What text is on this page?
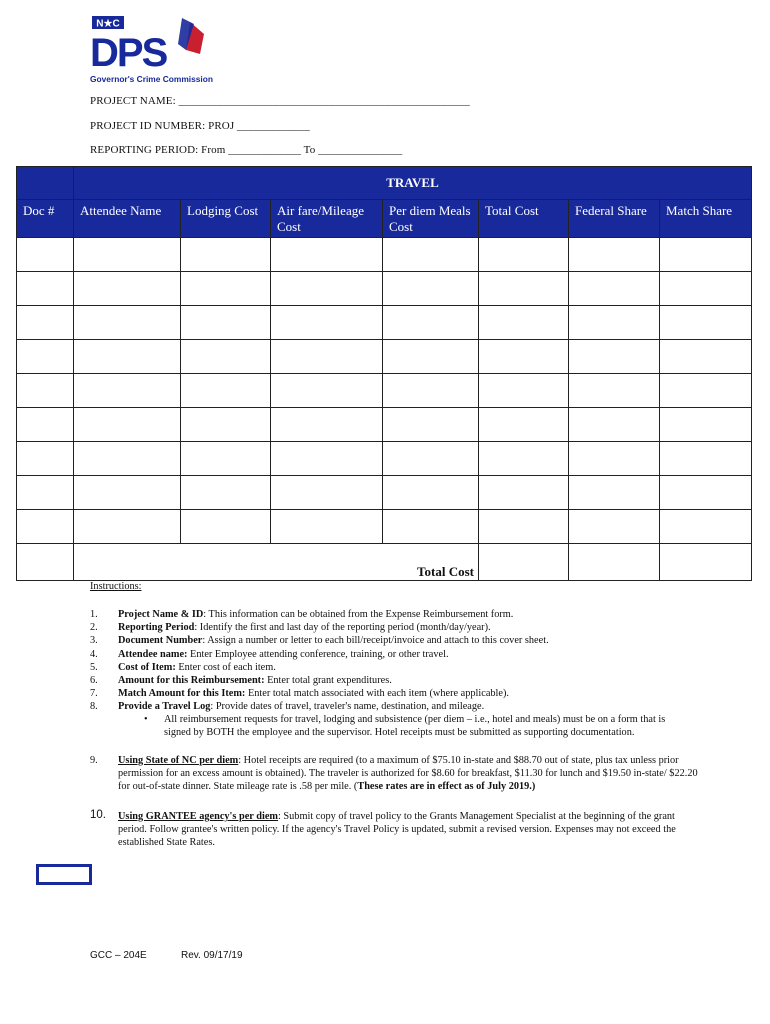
N★C
DPS
Governor's Crime Commission
PROJECT NAME: ____________________________________________________
PROJECT ID NUMBER: PROJ _____________
REPORTING PERIOD: From _____________ To _______________
	TRAVEL						
Doc #	Attendee Name	Lodging Cost	Air fare/Mileage Cost	Per diem Meals Cost	Total Cost	Federal Share	Match Share

	Total Cost						
Instructions:
1.	Project Name & ID: This information can be obtained from the Expense Reimbursement form.
2.	Reporting Period: Identify the first and last day of the reporting period (month/day/year).
3.	Document Number: Assign a number or letter to each bill/receipt/invoice and attach to this cover sheet.
4.	Attendee name: Enter Employee attending conference, training, or other travel.
5.	Cost of Item: Enter cost of each item.
6.	Amount for this Reimbursement: Enter total grant expenditures.
7.	Match Amount for this Item: Enter total match associated with each item (where applicable).
8.	Provide a Travel Log: Provide dates of travel, traveler's name, destination, and mileage.
• All reimbursement requests for travel, lodging and subsistence (per diem – i.e., hotel and meals) must be on a form that is signed by BOTH the employee and the supervisor. Hotel receipts must be submitted as supporting documentation.
9.	Using State of NC per diem: Hotel receipts are required (to a maximum of $75.10 in-state and $88.70 out of state, plus tax unless prior permission for an excess amount is obtained). The traveler is authorized for $8.60 for breakfast, $11.30 for lunch and $19.50 in-state/ $22.20 for out-of-state dinner. State mileage rate is .58 per mile. (These rates are in effect as of July 2019.)
10.	Using GRANTEE agency's per diem: Submit copy of travel policy to the Grants Management Specialist at the beginning of the grant period. Follow grantee's written policy. If the agency's Travel Policy is updated, submit a revised version. Expenses may not exceed the established State Rates.
GCC – 204E	Rev. 09/17/19
